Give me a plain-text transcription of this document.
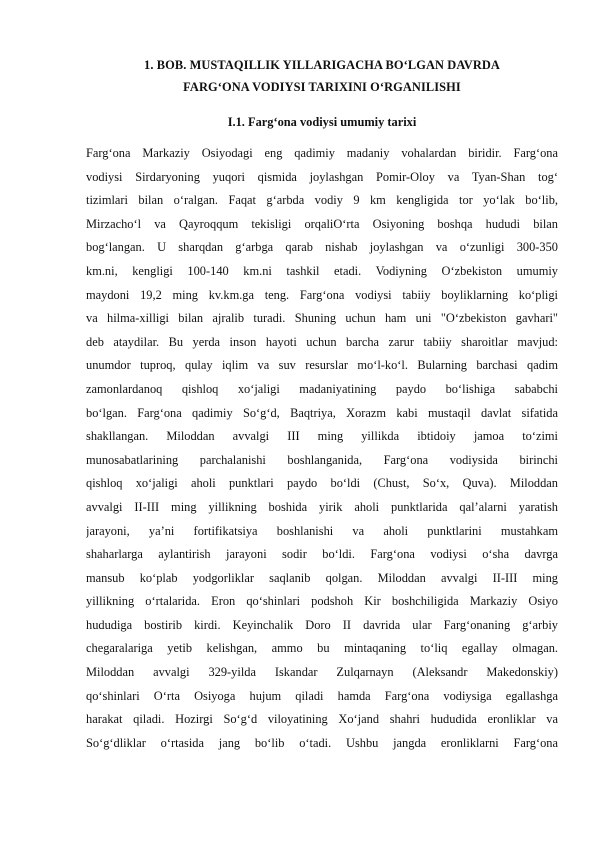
1. BOB. MUSTAQILLIK YILLARIGACHA BO‘LGAN DAVRDA
FARG‘ONA VODIYSI TARIXINI O‘RGANILISHI
I.1. Farg‘ona vodiysi umumiy tarixi
Farg‘ona Markaziy Osiyodagi eng qadimiy madaniy vohalardan biridir. Farg‘ona
vodiysi Sirdaryoning yuqori qismida joylashgan Pomir-Oloy va Tyan-Shan tog‘
tizimlari bilan o‘ralgan. Faqat g‘arbda vodiy 9 km kengligida tor yo‘lak bo‘lib,
Mirzacho‘l va Qayroqqum tekisligi orqaliO‘rta Osiyoning boshqa hududi bilan
bog‘langan. U sharqdan g‘arbga qarab nishab joylashgan va o‘zunligi 300-350
km.ni, kengligi 100-140 km.ni tashkil etadi. Vodiyning O‘zbekiston umumiy
maydoni 19,2 ming kv.km.ga teng. Farg‘ona vodiysi tabiiy boyliklarning ko‘pligi
va hilma-xilligi bilan ajralib turadi. Shuning uchun ham uni "O‘zbekiston gavhari"
deb ataydilar. Bu yerda inson hayoti uchun barcha zarur tabiiy sharoitlar mavjud:
unumdor tuproq, qulay iqlim va suv resurslar mo‘l-ko‘l. Bularning barchasi qadim
zamonlardanoq qishloq xo‘jaligi madaniyatining paydo bo‘lishiga sababchi
bo‘lgan. Farg‘ona qadimiy So‘g‘d, Baqtriya, Xorazm kabi mustaqil davlat sifatida
shakllangan. Miloddan avvalgi III ming yillikda ibtidoiy jamoa to‘zimi
munosabatlarining parchalanishi boshlanganida, Farg‘ona vodiysida birinchi
qishloq xo‘jaligi aholi punktlari paydo bo‘ldi (Chust, So‘x, Quva). Miloddan
avvalgi II-III ming yillikning boshida yirik aholi punktlarida qal’alarni yaratish
jarayoni, ya’ni fortifikatsiya boshlanishi va aholi punktlarini mustahkam
shaharlarga aylantirish jarayoni sodir bo‘ldi. Farg‘ona vodiysi o‘sha davrga
mansub ko‘plab yodgorliklar saqlanib qolgan. Miloddan avvalgi II-III ming
yillikning o‘rtalarida. Eron qo‘shinlari podshoh Kir boshchiligida Markaziy Osiyo
hududiga bostirib kirdi. Keyinchalik Doro II davrida ular Farg‘onaning g‘arbiy
chegaralariga yetib kelishgan, ammo bu mintaqaning to‘liq egallay olmagan.
Miloddan avvalgi 329-yilda Iskandar Zulqarnayn (Aleksandr Makedonskiy)
qo‘shinlari O‘rta Osiyoga hujum qiladi hamda Farg‘ona vodiysiga egallashga
harakat qiladi. Hozirgi So‘g‘d viloyatining Xo‘jand shahri hududida eronliklar va
So‘g‘dliklar o‘rtasida jang bo‘lib o‘tadi. Ushbu jangda eronliklarni Farg‘ona
